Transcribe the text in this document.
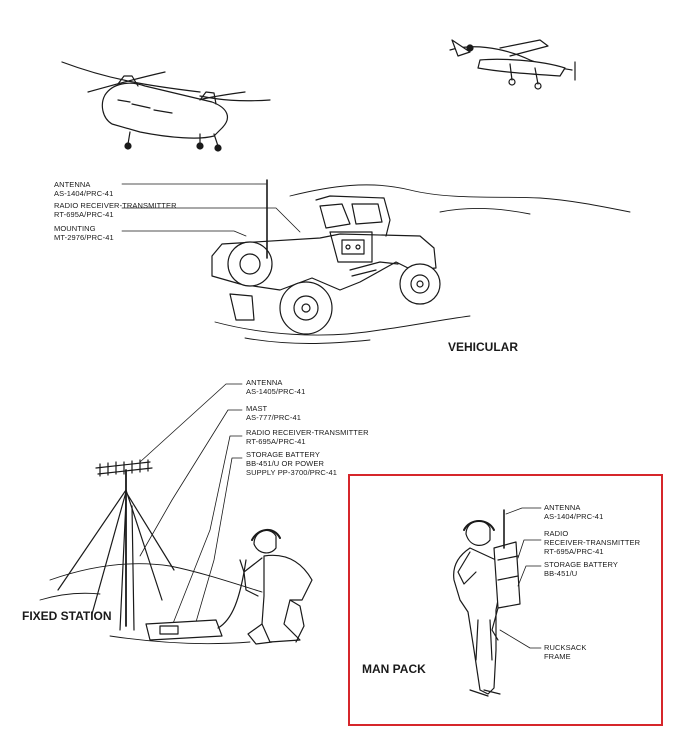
ANTENNA
AS-1404/PRC-41
RADIO RECEIVER-TRANSMITTER
RT-695A/PRC-41
MOUNTING
MT-2976/PRC-41
VEHICULAR
ANTENNA
AS-1405/PRC-41
MAST
AS-777/PRC-41
RADIO RECEIVER-TRANSMITTER
RT-695A/PRC-41
STORAGE BATTERY
BB-451/U OR POWER
SUPPLY PP-3700/PRC-41
FIXED STATION
ANTENNA
AS-1404/PRC-41
RADIO
RECEIVER-TRANSMITTER
RT-695A/PRC-41
STORAGE BATTERY
BB-451/U
RUCKSACK
FRAME
MAN PACK
